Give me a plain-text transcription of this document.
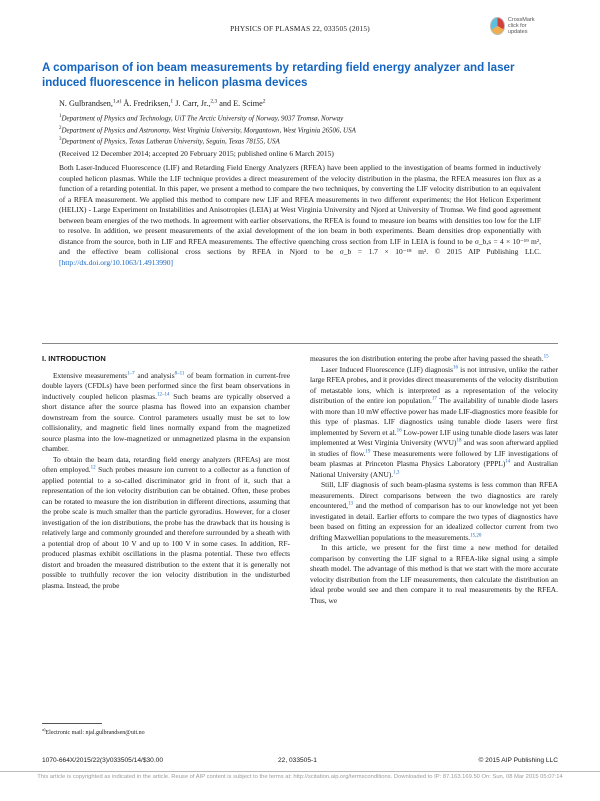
PHYSICS OF PLASMAS 22, 033505 (2015)
CrossMark
click for updates
A comparison of ion beam measurements by retarding field energy analyzer and laser induced fluorescence in helicon plasma devices
N. Gulbrandsen,$^{1,a)}$ Å. Fredriksen,$^1$ J. Carr, Jr.,$^{2,3}$ and E. Scime$^2$
$^1$Department of Physics and Technology, UiT The Arctic University of Norway, 9037 Tromsø, Norway
$^2$Department of Physics and Astronomy, West Virginia University, Morgantown, West Virginia 26506, USA
$^3$Department of Physics, Texas Lutheran University, Seguin, Texas 78155, USA
(Received 12 December 2014; accepted 20 February 2015; published online 6 March 2015)

Both Laser-Induced Fluorescence (LIF) and Retarding Field Energy Analyzers (RFEA) have been applied to the investigation of beams formed in inductively coupled helicon plasmas. While the LIF technique provides a direct measurement of the velocity distribution in the plasma, the RFEA measures ion flux as a function of a retarding potential. In this paper, we present a method to compare the two techniques, by converting the LIF velocity distribution to an equivalent of a RFEA measurement. We applied this method to compare new LIF and RFEA measurements in two different experiments; the Hot Helicon Experiment (HELIX) - Large Experiment on Instabilities and Anisotropies (LEIA) at West Virginia University and Njord at University of Tromsø. We find good agreement between beam energies of the two methods. In agreement with earlier observations, the RFEA is found to measure ion beams with densities too low for the LIF to resolve. In addition, we present measurements of the axial development of the ion beam in both experiments. Beam densities drop exponentially with distance from the source, both in LIF and RFEA measurements. The effective quenching cross section from LIF in LEIA is found to be σ_b,s = 4 × 10⁻¹⁹ m², and the effective beam collisional cross sections by RFEA in Njord to be σ_b = 1.7 × 10⁻¹⁸ m². © 2015 AIP Publishing LLC. [http://dx.doi.org/10.1063/1.4913990]

I. INTRODUCTION

Extensive measurements$^{1-7}$ and analysis$^{8-11}$ of beam formation in current-free double layers (CFDLs) have been performed since the first beam observations in inductively coupled helicon plasmas.$^{12-14}$ Such beams are typically observed a short distance after the source plasma has flowed into an expansion chamber downstream from the source. Control parameters usually must be set to low collisionality, and magnetic field lines normally expand from the magnetized source plasma into the low-magnetized or unmagnetized plasma in the expansion chamber.

To obtain the beam data, retarding field energy analyzers (RFEAs) are most often employed.$^{12}$ Such probes measure ion current to a collector as a function of applied potential to a so-called discriminator grid in front of it, such that a representation of the ion velocity distribution can be obtained. Often, these probes can be rotated to measure the ion distribution in different directions, assuming that the probe scale is much smaller than the particle gyroradius. However, for a closer investigation of the ion distributions, the probe has the drawback that its housing is relatively large and commonly grounded and therefore surrounded by a sheath with a potential drop of about 10 V and up to 100 V in some cases. In addition, RF-produced plasmas exhibit oscillations in the plasma potential. These two effects distort and broaden the measured distribution to the extent that it is generally not possible to truthfully recover the ion velocity distribution in the undisturbed plasma. Instead, the probe

measures the ion distribution entering the probe after having passed the sheath.$^{15}$

Laser Induced Fluorescence (LIF) diagnosis$^{16}$ is not intrusive, unlike the rather large RFEA probes, and it provides direct measurements of the velocity distribution of metastable ions, which is interpreted as a representation of the velocity distribution of the entire ion population.$^{17}$ The availability of tunable diode lasers with more than 10 mW effective power has made LIF-diagnostics more feasible for this type of plasmas. LIF diagnostics using tunable diode lasers were first implemented by Severn et al.$^{16}$ Low-power LIF using tunable diode lasers was later implemented at West Virginia University (WVU)$^{18}$ and was soon afterward applied in studies of flow.$^{19}$ These measurements were followed by LIF investigations of beam plasmas at Princeton Plasma Physics Laboratory (PPPL)$^{14}$ and Australian National University (ANU).$^{1,3}$

Still, LIF diagnosis of such beam-plasma systems is less common than RFEA measurements. Direct comparisons between the two diagnostics are rarely encountered,$^{13}$ and the method of comparison has to our knowledge not yet been investigated in detail. Earlier efforts to compare the two types of diagnostics have been based on fitting an expression for an idealized collector current from two drifting Maxwellian populations to the measurements.$^{15,20}$

In this article, we present for the first time a new method for detailed comparison by converting the LIF signal to a RFEA-like signal using a simple sheath model. The advantage of this method is that we start with the more accurate velocity distribution from the LIF measurements, then calculate the distribution an ideal probe would see and then compare it to real measurements by the RFEA. Thus, we

$^{a)}$Electronic mail: njal.gulbrandsen@uit.no
1070-664X/2015/22(3)/033505/14/$30.00	22, 033505-1	© 2015 AIP Publishing LLC
This article is copyrighted as indicated in the article. Reuse of AIP content is subject to the terms at: http://scitation.aip.org/termsconditions. Downloaded to IP: 87.163.169.50 On: Sun, 08 Mar 2015 05:07:14
